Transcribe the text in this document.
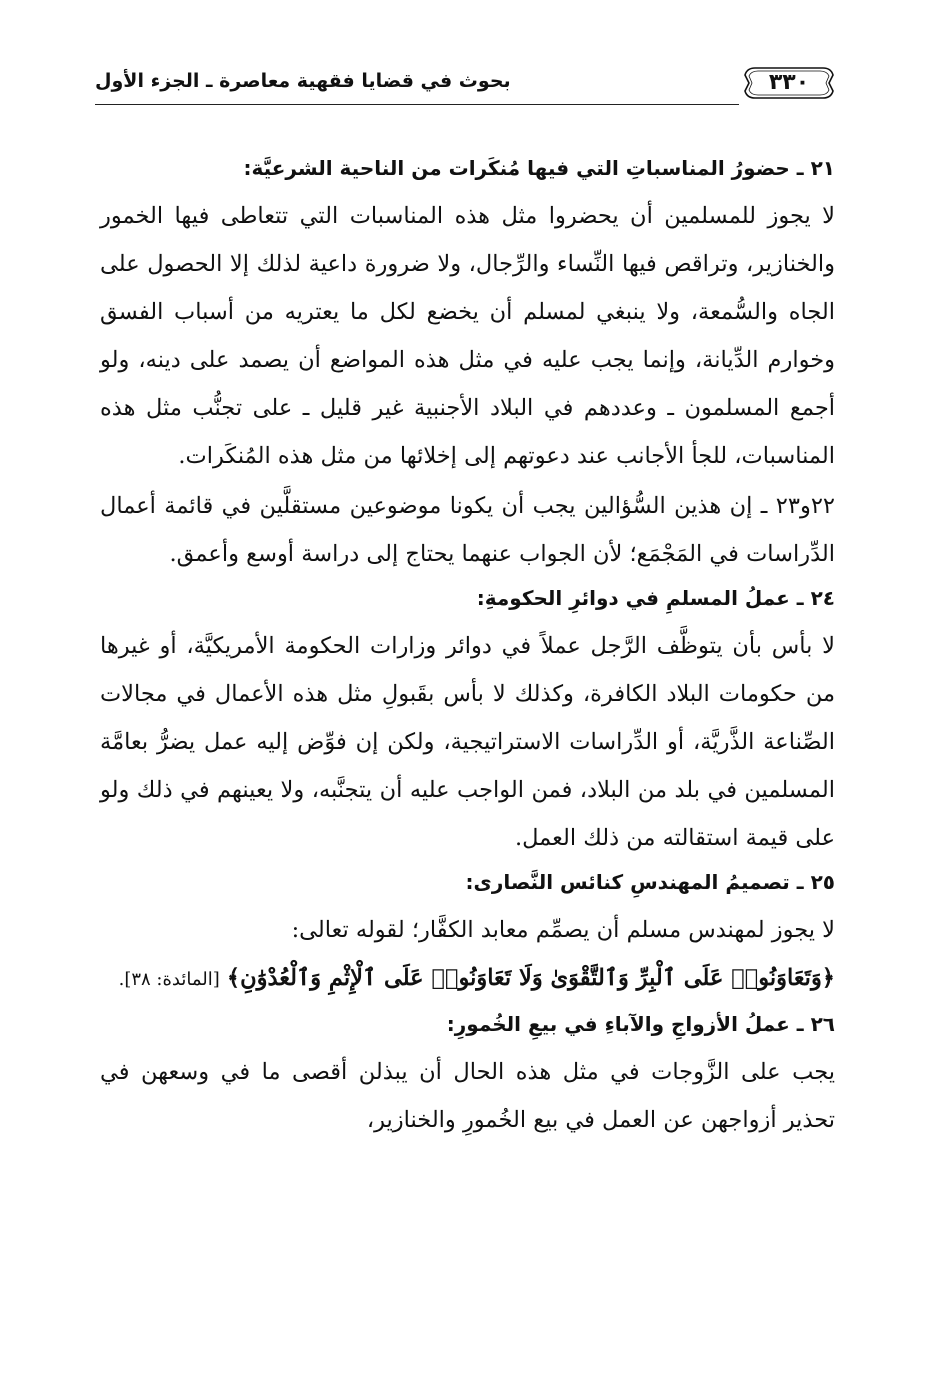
٣٣٠
بحوث في قضايا فقهية معاصرة ـ الجزء الأول
٢١ ـ حضورُ المناسباتِ التي فيها مُنكَرات من الناحية الشرعيَّة:

لا يجوز للمسلمين أن يحضروا مثل هذه المناسبات التي تتعاطى فيها الخمور والخنازير، وتراقص فيها النِّساء والرِّجال، ولا ضرورة داعية لذلك إلا الحصول على الجاه والسُّمعة، ولا ينبغي لمسلم أن يخضع لكل ما يعتريه من أسباب الفسق وخوارم الدِّيانة، وإنما يجب عليه في مثل هذه المواضع أن يصمد على دينه، ولو أجمع المسلمون ـ وعددهم في البلاد الأجنبية غير قليل ـ على تجنُّب مثل هذه المناسبات، للجأ الأجانب عند دعوتهم إلى إخلائها من مثل هذه المُنكَرات.

٢٢و٢٣ ـ إن هذين السُّؤالين يجب أن يكونا موضوعين مستقلَّين في قائمة أعمال الدِّراسات في المَجْمَع؛ لأن الجواب عنهما يحتاج إلى دراسة أوسع وأعمق.

٢٤ ـ عملُ المسلمِ في دوائرِ الحكومةِ:

لا بأس بأن يتوظَّف الرَّجل عملاً في دوائر وزارات الحكومة الأمريكيَّة، أو غيرها من حكومات البلاد الكافرة، وكذلك لا بأس بقَبولِ مثل هذه الأعمال في مجالات الصِّناعة الذَّريَّة، أو الدِّراسات الاستراتيجية، ولكن إن فوِّض إليه عمل يضرُّ بعامَّة المسلمين في بلد من البلاد، فمن الواجب عليه أن يتجنَّبه، ولا يعينهم في ذلك ولو على قيمة استقالته من ذلك العمل.

٢٥ ـ تصميمُ المهندسِ كنائس النَّصارى:

لا يجوز لمهندس مسلم أن يصمِّم معابد الكفَّار؛ لقوله تعالى:
﴿وَتَعَاوَنُوا۟ عَلَى ٱلْبِرِّ وَٱلتَّقْوَىٰ وَلَا تَعَاوَنُوا۟ عَلَى ٱلْإِثْمِ وَٱلْعُدْوَٰنِ﴾ [المائدة: ٣٨].

٢٦ ـ عملُ الأزواجِ والآباءِ في بيعِ الخُمورِ:

يجب على الزَّوجات في مثل هذه الحال أن يبذلن أقصى ما في وسعهن في تحذير أزواجهن عن العمل في بيع الخُمورِ والخنازير،
